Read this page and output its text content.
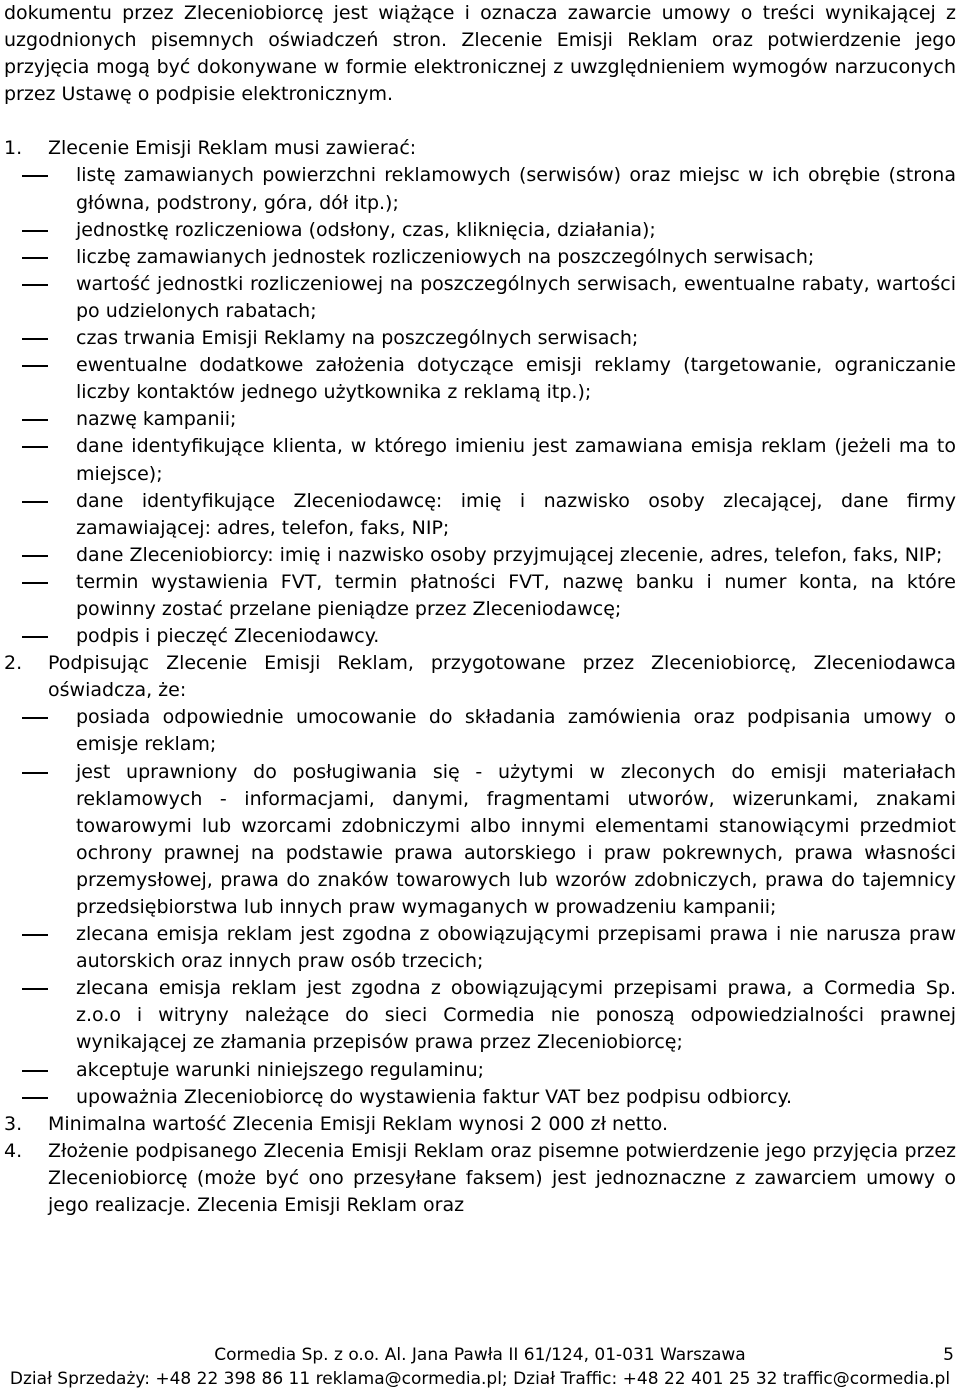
dokumentu przez Zleceniobiorcę jest wiążące i oznacza zawarcie umowy o treści wynikającej z uzgodnionych pisemnych oświadczeń stron. Zlecenie Emisji Reklam oraz potwierdzenie jego przyjęcia mogą być dokonywane w formie elektronicznej z uwzględnieniem wymogów narzuconych przez Ustawę o podpisie elektronicznym.

1. Zlecenie Emisji Reklam musi zawierać:
listę zamawianych powierzchni reklamowych (serwisów) oraz miejsc w ich obrębie (strona główna, podstrony, góra, dół itp.);
jednostkę rozliczeniowa (odsłony, czas, kliknięcia, działania);
liczbę zamawianych jednostek rozliczeniowych na poszczególnych serwisach;
wartość jednostki rozliczeniowej na poszczególnych serwisach, ewentualne rabaty, wartości po udzielonych rabatach;
czas trwania Emisji Reklamy na poszczególnych serwisach;
ewentualne dodatkowe założenia dotyczące emisji reklamy (targetowanie, ograniczanie liczby kontaktów jednego użytkownika z reklamą itp.);
nazwę kampanii;
dane identyfikujące klienta, w którego imieniu jest zamawiana emisja reklam (jeżeli ma to miejsce);
dane identyfikujące Zleceniodawcę: imię i nazwisko osoby zlecającej, dane firmy zamawiającej: adres, telefon, faks, NIP;
dane Zleceniobiorcy: imię i nazwisko osoby przyjmującej zlecenie, adres, telefon, faks, NIP;
termin wystawienia FVT, termin płatności FVT, nazwę banku i numer konta, na które powinny zostać przelane pieniądze przez Zleceniodawcę;
podpis i pieczęć Zleceniodawcy.
2. Podpisując Zlecenie Emisji Reklam, przygotowane przez Zleceniobiorcę, Zleceniodawca oświadcza, że:
posiada odpowiednie umocowanie do składania zamówienia oraz podpisania umowy o emisje reklam;
jest uprawniony do posługiwania się - użytymi w zleconych do emisji materiałach reklamowych - informacjami, danymi, fragmentami utworów, wizerunkami, znakami towarowymi lub wzorcami zdobniczymi albo innymi elementami stanowiącymi przedmiot ochrony prawnej na podstawie prawa autorskiego i praw pokrewnych, prawa własności przemysłowej, prawa do znaków towarowych lub wzorów zdobniczych, prawa do tajemnicy przedsiębiorstwa lub innych praw wymaganych w prowadzeniu kampanii;
zlecana emisja reklam jest zgodna z obowiązującymi przepisami prawa i nie narusza praw autorskich oraz innych praw osób trzecich;
zlecana emisja reklam jest zgodna z obowiązującymi przepisami prawa, a Cormedia Sp. z.o.o i witryny należące do sieci Cormedia nie ponoszą odpowiedzialności prawnej wynikającej ze złamania przepisów prawa przez Zleceniobiorcę;
akceptuje warunki niniejszego regulaminu;
upoważnia Zleceniobiorcę do wystawienia faktur VAT bez podpisu odbiorcy.
3. Minimalna wartość Zlecenia Emisji Reklam wynosi 2 000 zł netto.
4. Złożenie podpisanego Zlecenia Emisji Reklam oraz pisemne potwierdzenie jego przyjęcia przez Zleceniobiorcę (może być ono przesyłane faksem) jest jednoznaczne z zawarciem umowy o jego realizacje. Zlecenia Emisji Reklam oraz
Cormedia Sp. z o.o. Al. Jana Pawła II 61/124, 01-031 Warszawa	5
Dział Sprzedaży: +48 22 398 86 11 reklama@cormedia.pl; Dział Traffic: +48 22 401 25 32 traffic@cormedia.pl
